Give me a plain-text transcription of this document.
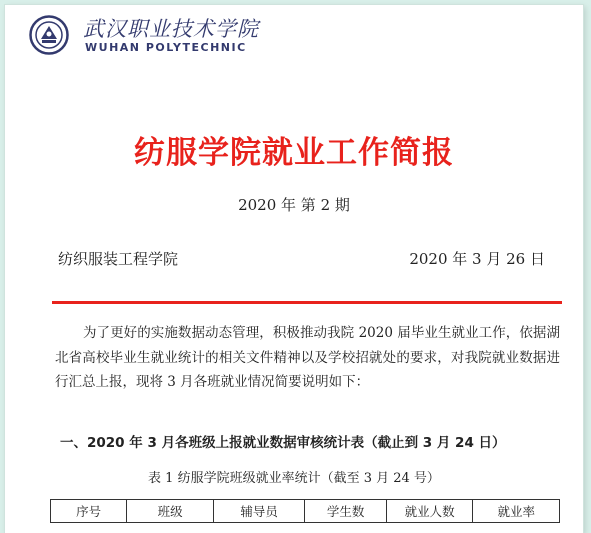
武汉职业技术学院
WUHAN POLYTECHNIC
纺服学院就业工作简报
2020 年 第 2 期
纺织服装工程学院	2020 年 3 月 26 日
为了更好的实施数据动态管理，积极推动我院 2020 届毕业生就业工作，依据湖北省高校毕业生就业统计的相关文件精神以及学校招就处的要求，对我院就业数据进行汇总上报，现将 3 月各班就业情况简要说明如下：
一、2020 年 3 月各班级上报就业数据审核统计表（截止到 3 月 24 日）
表 1 纺服学院班级就业率统计（截至 3 月 24 号）
序号	班级	辅导员	学生数	就业人数	就业率
